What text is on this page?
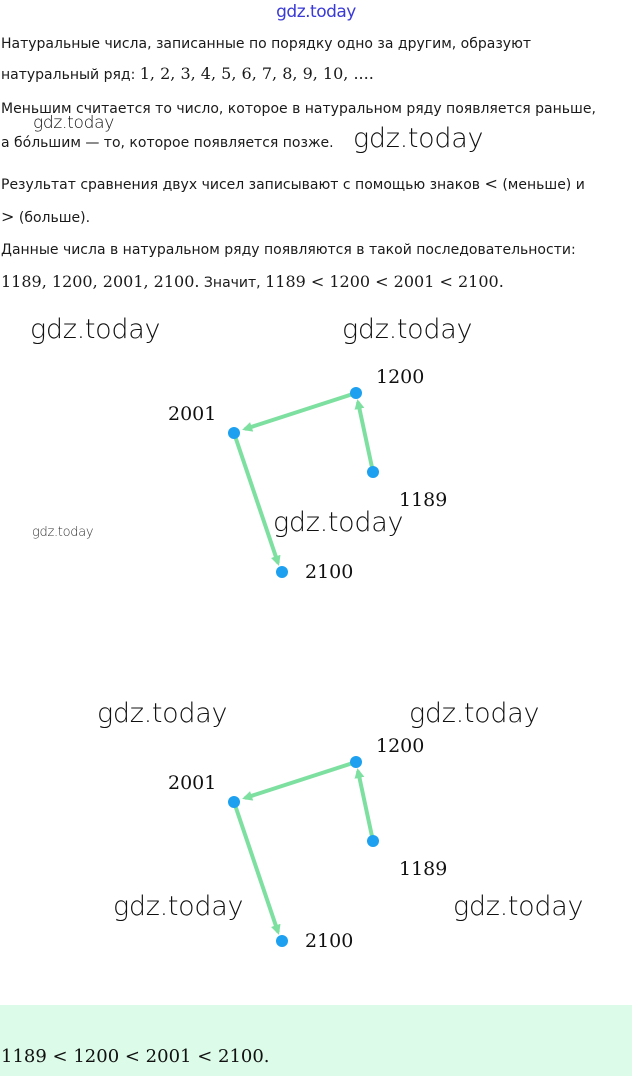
gdz.today
Натуральные числа, записанные по порядку одно за другим, образуют
натуральный ряд: 1, 2, 3, 4, 5, 6, 7, 8, 9, 10, ....
Меньшим считается то число, которое в натуральном ряду появляется раньше,
а бо́льшим — то, которое появляется позже.
Результат сравнения двух чисел записывают с помощью знаков < (меньше) и
> (больше).
Данные числа в натуральном ряду появляются в такой последовательности:
1189, 1200, 2001, 2100. Значит, 1189 < 1200 < 2001 < 2100.
gdz.today	gdz.today
gdz.today	gdz.today
1200
2001
1189
2100
gdz.today
gdz.today
gdz.today	gdz.today
1200
2001
1189
2100
gdz.today	gdz.today
1189 < 1200 < 2001 < 2100.
